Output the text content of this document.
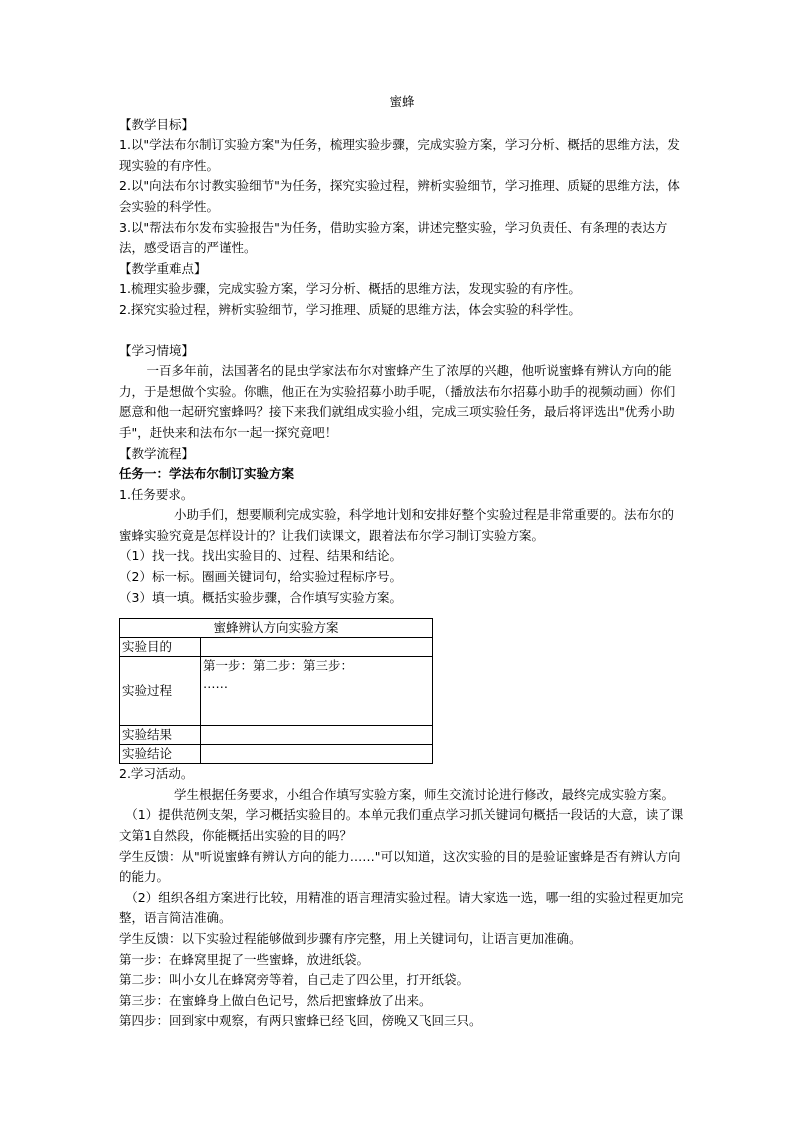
蜜蜂

【教学目标】

1.以"学法布尔制订实验方案"为任务，梳理实验步骤，完成实验方案，学习分析、概括的思维方法，发现实验的有序性。

2.以"向法布尔讨教实验细节"为任务，探究实验过程，辨析实验细节，学习推理、质疑的思维方法，体会实验的科学性。

3.以"帮法布尔发布实验报告"为任务，借助实验方案，讲述完整实验，学习负责任、有条理的表达方法，感受语言的严谨性。

【教学重难点】

1.梳理实验步骤，完成实验方案，学习分析、概括的思维方法，发现实验的有序性。

2.探究实验过程，辨析实验细节，学习推理、质疑的思维方法，体会实验的科学性。

【学习情境】

一百多年前，法国著名的昆虫学家法布尔对蜜蜂产生了浓厚的兴趣，他听说蜜蜂有辨认方向的能力，于是想做个实验。你瞧，他正在为实验招募小助手呢，（播放法布尔招募小助手的视频动画）你们愿意和他一起研究蜜蜂吗？接下来我们就组成实验小组，完成三项实验任务，最后将评选出"优秀小助手"，赶快来和法布尔一起一探究竟吧！

【教学流程】

任务一：学法布尔制订实验方案

1.任务要求。

小助手们，想要顺利完成实验，科学地计划和安排好整个实验过程是非常重要的。法布尔的蜜蜂实验究竟是怎样设计的？让我们读课文，跟着法布尔学习制订实验方案。

（1）找一找。找出实验目的、过程、结果和结论。

（2）标一标。圈画关键词句，给实验过程标序号。

（3）填一填。概括实验步骤，合作填写实验方案。

蜜蜂辨认方向实验方案	
实验目的	
实验过程	第一步：第二步：第三步：
……

实验结果	
实验结论	

2.学习活动。

学生根据任务要求，小组合作填写实验方案，师生交流讨论进行修改，最终完成实验方案。

（1）提供范例支架，学习概括实验目的。本单元我们重点学习抓关键词句概括一段话的大意，读了课文第1自然段，你能概括出实验的目的吗？

学生反馈：从"听说蜜蜂有辨认方向的能力……"可以知道，这次实验的目的是验证蜜蜂是否有辨认方向的能力。

（2）组织各组方案进行比较，用精准的语言理清实验过程。请大家选一选，哪一组的实验过程更加完整，语言简洁准确。

学生反馈：以下实验过程能够做到步骤有序完整，用上关键词句，让语言更加准确。

第一步：在蜂窝里捉了一些蜜蜂，放进纸袋。

第二步：叫小女儿在蜂窝旁等着，自己走了四公里，打开纸袋。

第三步：在蜜蜂身上做白色记号，然后把蜜蜂放了出来。

第四步：回到家中观察，有两只蜜蜂已经飞回，傍晚又飞回三只。
